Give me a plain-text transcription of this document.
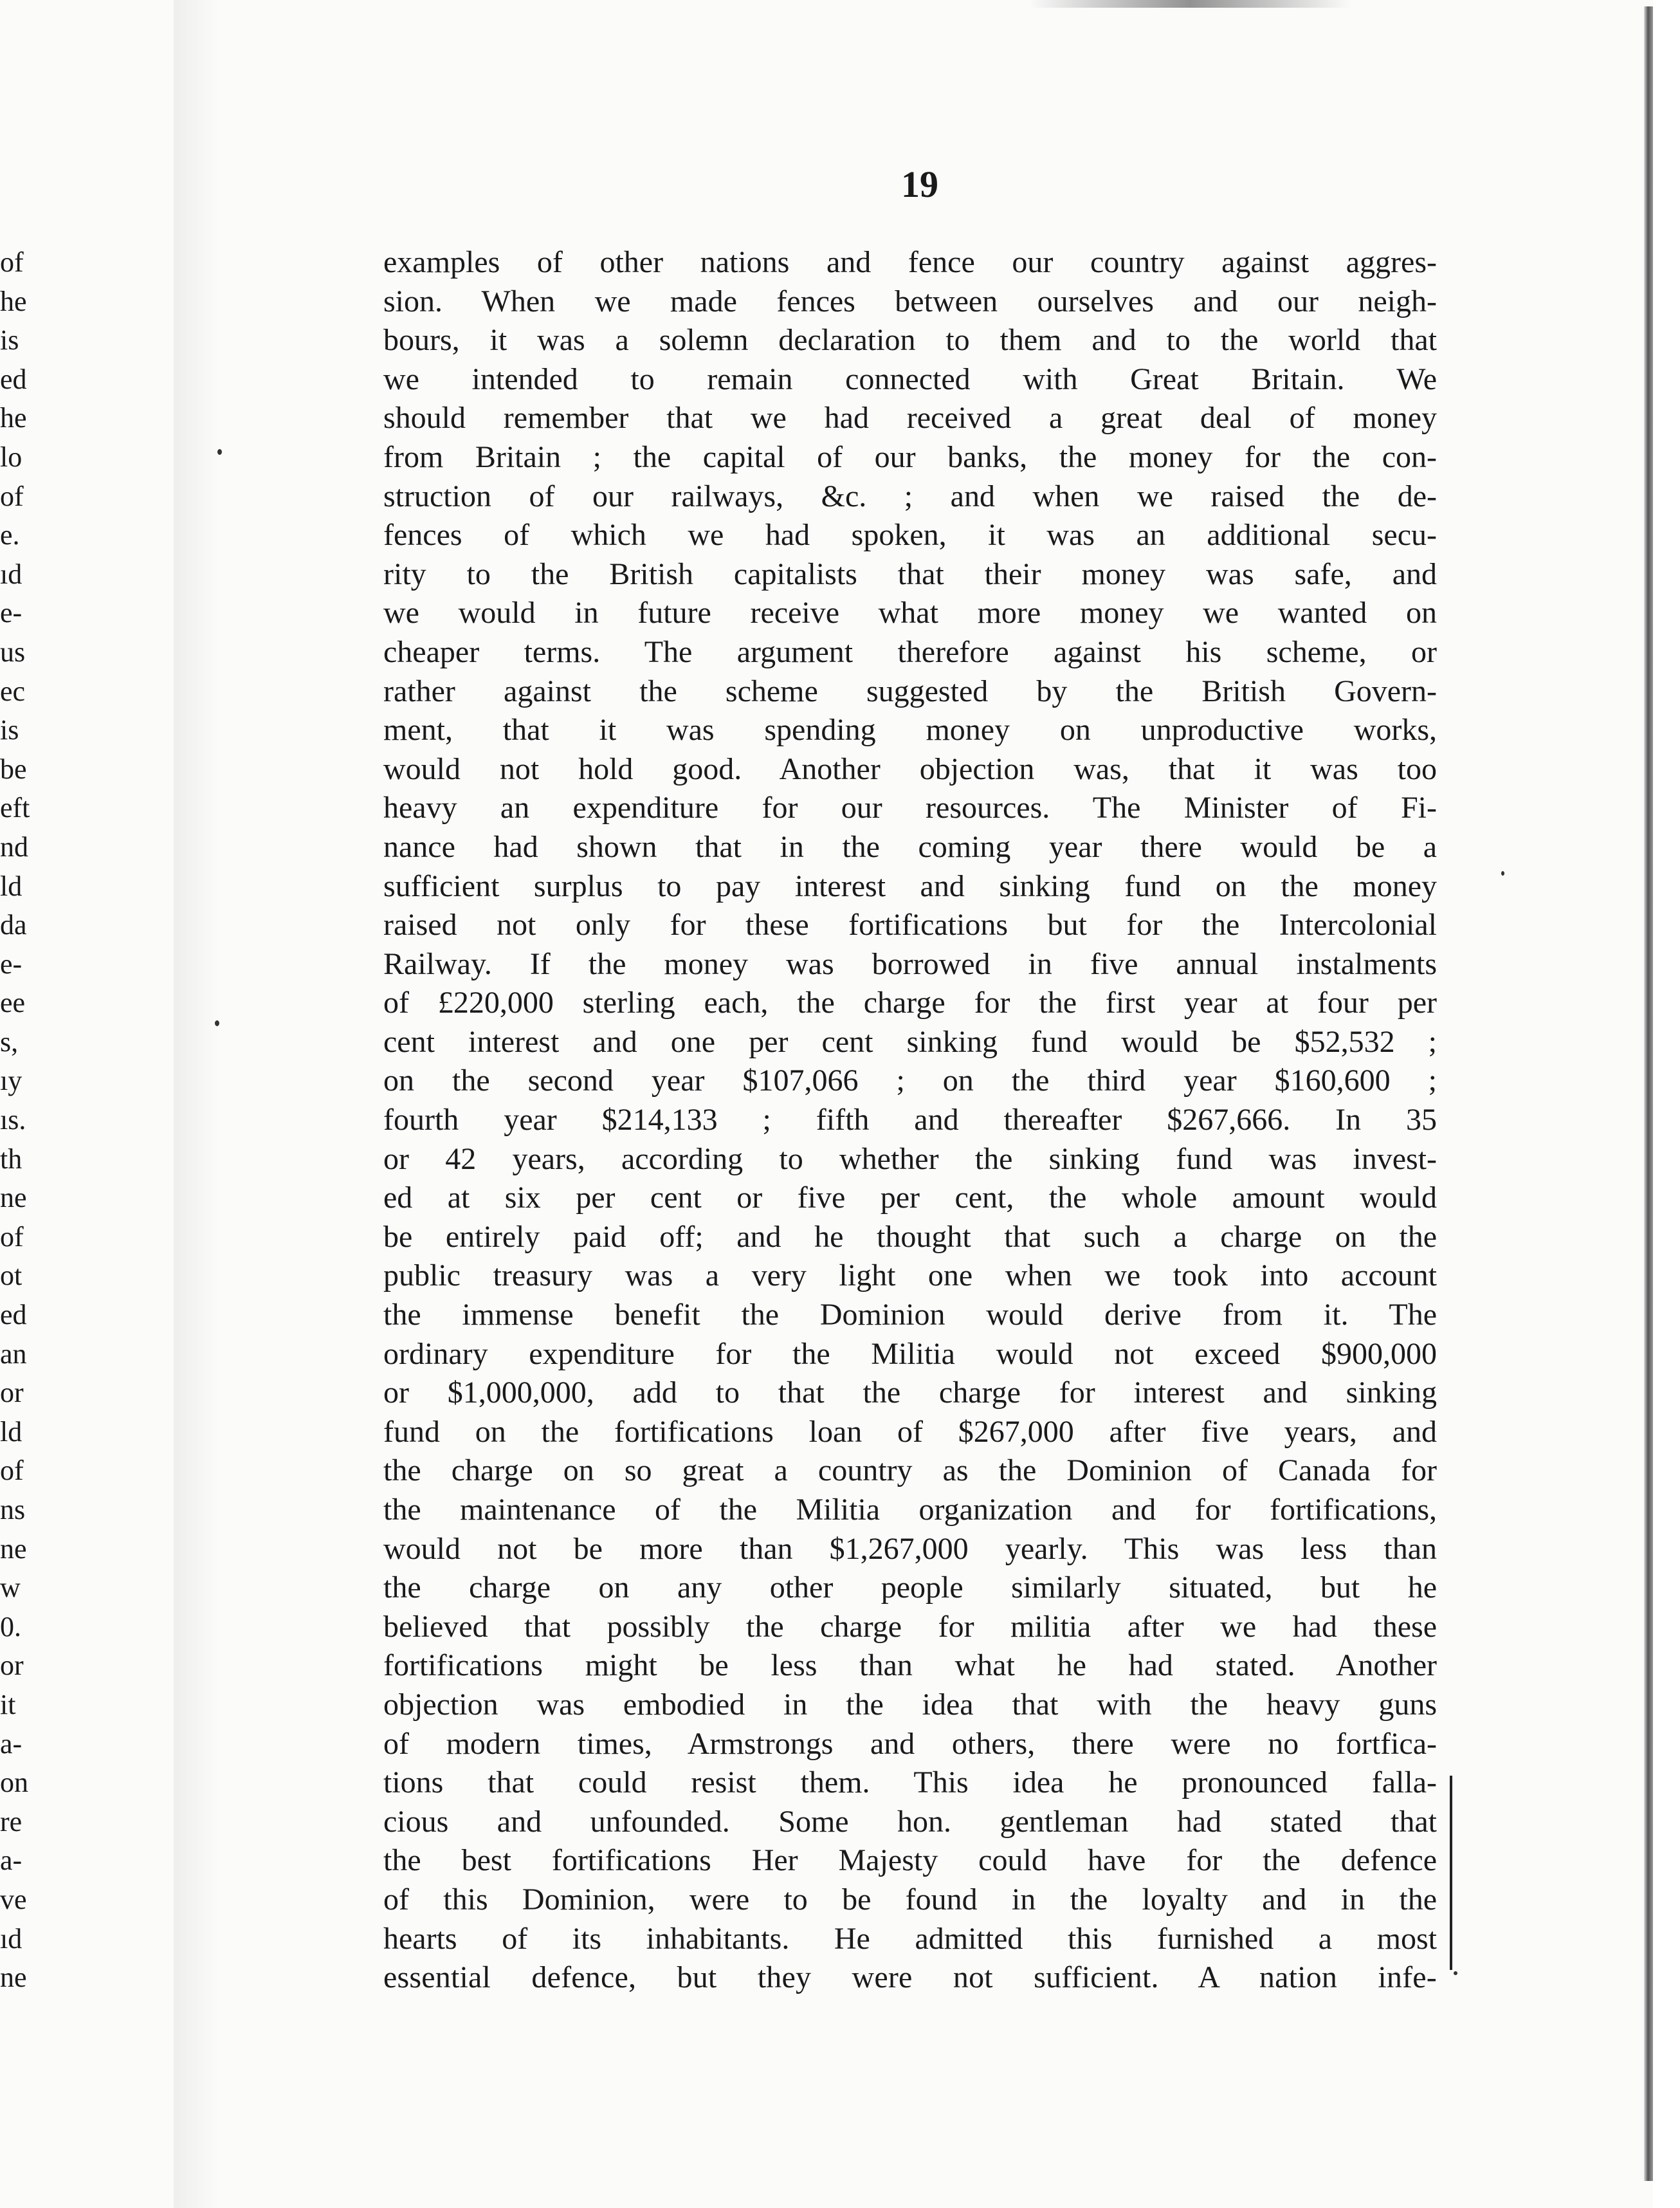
of
he
is
ed
he
lo
of
e.
ıd
e-
us
ec
is
be
eft
nd
ld
da
e-
ee
s,
ıy
ıs.
th
ne
of
ot
ed
an
or
ld
of
ns
ne
w
0.
or
it
a-
on
re
a-
ve
ıd
ne
19
examples of other nations and fence our country against aggres-
sion. When we made fences between ourselves and our neigh-
bours, it was a solemn declaration to them and to the world that
we intended to remain connected with Great Britain. We
should remember that we had received a great deal of money
from Britain ; the capital of our banks, the money for the con-
struction of our railways, &c. ; and when we raised the de-
fences of which we had spoken, it was an additional secu-
rity to the British capitalists that their money was safe, and
we would in future receive what more money we wanted on
cheaper terms. The argument therefore against his scheme, or
rather against the scheme suggested by the British Govern-
ment, that it was spending money on unproductive works,
would not hold good. Another objection was, that it was too
heavy an expenditure for our resources. The Minister of Fi-
nance had shown that in the coming year there would be a
sufficient surplus to pay interest and sinking fund on the money
raised not only for these fortifications but for the Intercolonial
Railway. If the money was borrowed in five annual instalments
of £220,000 sterling each, the charge for the first year at four per
cent interest and one per cent sinking fund would be $52,532 ;
on the second year $107,066 ; on the third year $160,600 ;
fourth year $214,133 ; fifth and thereafter $267,666. In 35
or 42 years, according to whether the sinking fund was invest-
ed at six per cent or five per cent, the whole amount would
be entirely paid off; and he thought that such a charge on the
public treasury was a very light one when we took into account
the immense benefit the Dominion would derive from it. The
ordinary expenditure for the Militia would not exceed $900,000
or $1,000,000, add to that the charge for interest and sinking
fund on the fortifications loan of $267,000 after five years, and
the charge on so great a country as the Dominion of Canada for
the maintenance of the Militia organization and for fortifications,
would not be more than $1,267,000 yearly. This was less than
the charge on any other people similarly situated, but he
believed that possibly the charge for militia after we had these
fortifications might be less than what he had stated. Another
objection was embodied in the idea that with the heavy guns
of modern times, Armstrongs and others, there were no fortfica-
tions that could resist them. This idea he pronounced falla-
cious and unfounded. Some hon. gentleman had stated that
the best fortifications Her Majesty could have for the defence
of this Dominion, were to be found in the loyalty and in the
hearts of its inhabitants. He admitted this furnished a most
essential defence, but they were not sufficient. A nation infe-
